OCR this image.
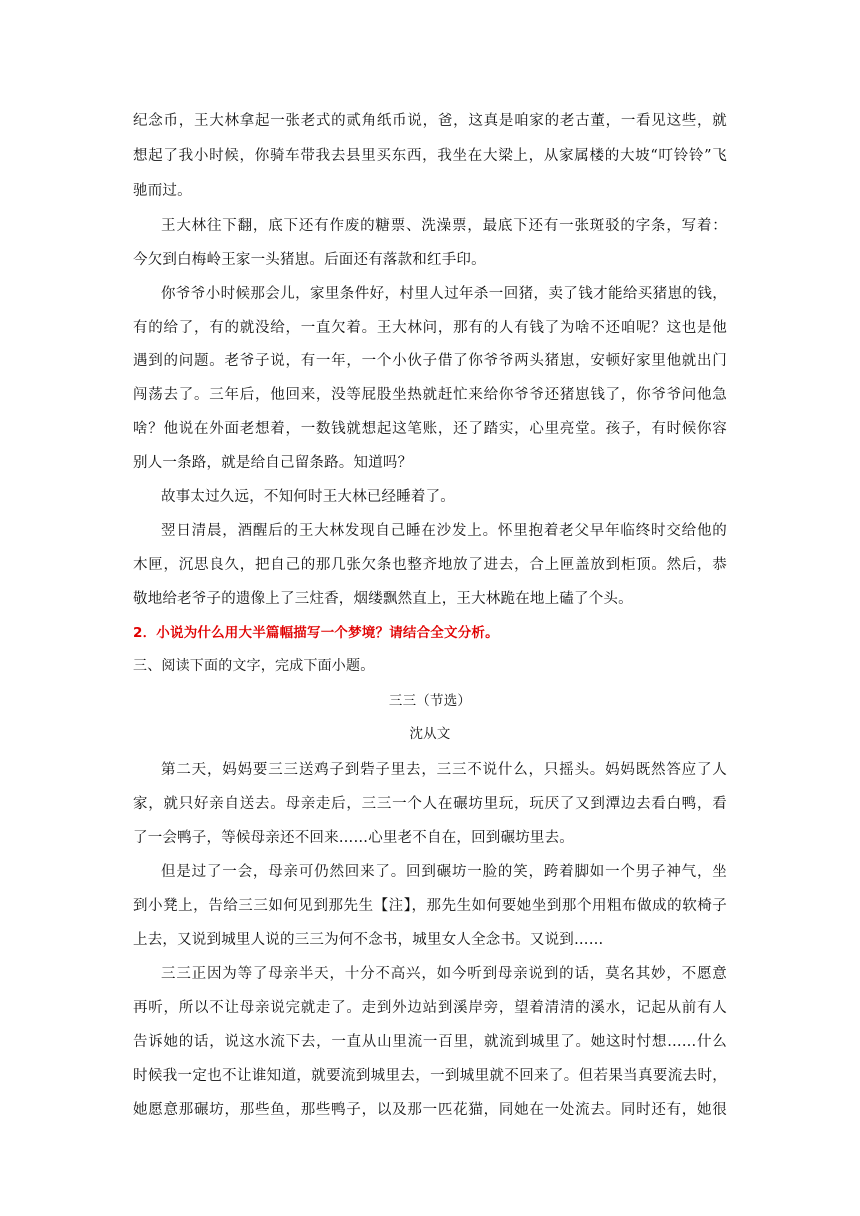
纪念币，王大林拿起一张老式的贰角纸币说，爸，这真是咱家的老古董，一看见这些，就
想起了我小时候，你骑车带我去县里买东西，我坐在大梁上，从家属楼的大坡“叮铃铃”飞
驰而过。
王大林往下翻，底下还有作废的糖票、洗澡票，最底下还有一张斑驳的字条，写着：
今欠到白梅岭王家一头猪崽。后面还有落款和红手印。
你爷爷小时候那会儿，家里条件好，村里人过年杀一回猪，卖了钱才能给买猪崽的钱，
有的给了，有的就没给，一直欠着。王大林问，那有的人有钱了为啥不还咱呢？这也是他
遇到的问题。老爷子说，有一年，一个小伙子借了你爷爷两头猪崽，安顿好家里他就出门
闯荡去了。三年后，他回来，没等屁股坐热就赶忙来给你爷爷还猪崽钱了，你爷爷问他急
啥？他说在外面老想着，一数钱就想起这笔账，还了踏实，心里亮堂。孩子，有时候你容
别人一条路，就是给自己留条路。知道吗？
故事太过久远，不知何时王大林已经睡着了。
翌日清晨，酒醒后的王大林发现自己睡在沙发上。怀里抱着老父早年临终时交给他的
木匣，沉思良久，把自己的那几张欠条也整齐地放了进去，合上匣盖放到柜顶。然后，恭
敬地给老爷子的遗像上了三炷香，烟缕飘然直上，王大林跪在地上磕了个头。
2．小说为什么用大半篇幅描写一个梦境？请结合全文分析。
三、阅读下面的文字，完成下面小题。
三三（节选）
沈从文
第二天，妈妈要三三送鸡子到砦子里去，三三不说什么，只摇头。妈妈既然答应了人
家，就只好亲自送去。母亲走后，三三一个人在碾坊里玩，玩厌了又到潭边去看白鸭，看
了一会鸭子，等候母亲还不回来……心里老不自在，回到碾坊里去。
但是过了一会，母亲可仍然回来了。回到碾坊一脸的笑，跨着脚如一个男子神气，坐
到小凳上，告给三三如何见到那先生【注】，那先生如何要她坐到那个用粗布做成的软椅子
上去，又说到城里人说的三三为何不念书，城里女人全念书。又说到……
三三正因为等了母亲半天，十分不高兴，如今听到母亲说到的话，莫名其妙，不愿意
再听，所以不让母亲说完就走了。走到外边站到溪岸旁，望着清清的溪水，记起从前有人
告诉她的话，说这水流下去，一直从山里流一百里，就流到城里了。她这时忖想……什么
时候我一定也不让谁知道，就要流到城里去，一到城里就不回来了。但若果当真要流去时，
她愿意那碾坊，那些鱼，那些鸭子，以及那一匹花猫，同她在一处流去。同时还有，她很
